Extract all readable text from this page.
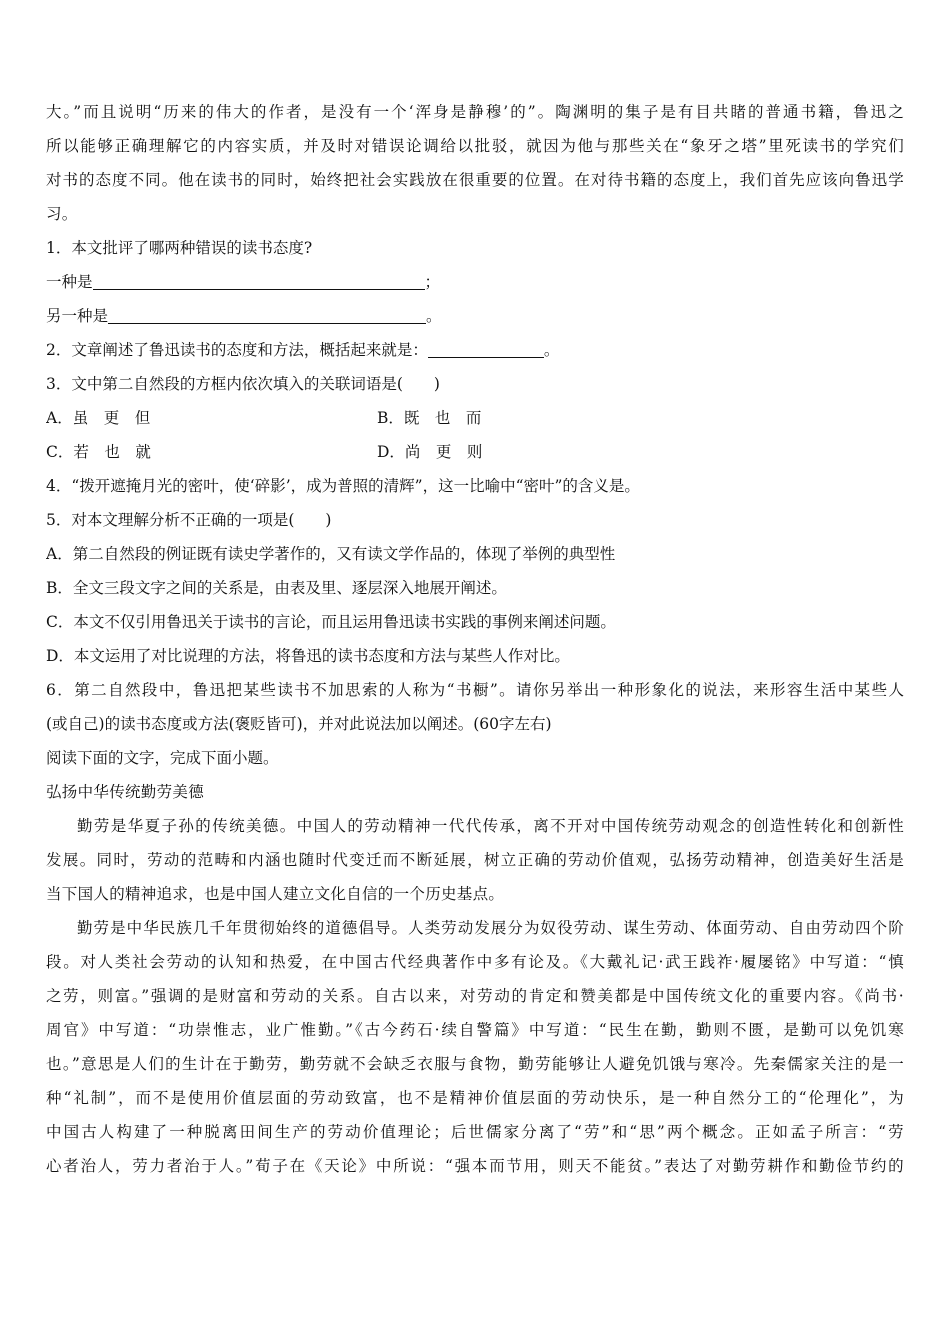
大。”而且说明“历来的伟大的作者，是没有一个‘浑身是静穆’的”。陶渊明的集子是有目共睹的普通书籍，鲁迅之
所以能够正确理解它的内容实质，并及时对错误论调给以批驳，就因为他与那些关在“象牙之塔”里死读书的学究们
对书的态度不同。他在读书的同时，始终把社会实践放在很重要的位置。在对待书籍的态度上，我们首先应该向鲁迅学
习。
1．本文批评了哪两种错误的读书态度?
一种是	；
另一种是	。
2．文章阐述了鲁迅读书的态度和方法，概括起来就是：	。
3．文中第二自然段的方框内依次填入的关联词语是(　　)
A．虽　更　但	B．既　也　而
C．若　也　就	D．尚　更　则
4．“拨开遮掩月光的密叶，使‘碎影’，成为普照的清辉”，这一比喻中“密叶”的含义是。
5．对本文理解分析不正确的一项是(　　)
A．第二自然段的例证既有读史学著作的，又有读文学作品的，体现了举例的典型性
B．全文三段文字之间的关系是，由表及里、逐层深入地展开阐述。
C．本文不仅引用鲁迅关于读书的言论，而且运用鲁迅读书实践的事例来阐述问题。
D．本文运用了对比说理的方法，将鲁迅的读书态度和方法与某些人作对比。
6．第二自然段中，鲁迅把某些读书不加思索的人称为“书橱”。请你另举出一种形象化的说法，来形容生活中某些人
(或自己)的读书态度或方法(褒贬皆可)，并对此说法加以阐述。(60字左右)
阅读下面的文字，完成下面小题。
弘扬中华传统勤劳美德
勤劳是华夏子孙的传统美德。中国人的劳动精神一代代传承，离不开对中国传统劳动观念的创造性转化和创新性
发展。同时，劳动的范畴和内涵也随时代变迁而不断延展，树立正确的劳动价值观，弘扬劳动精神，创造美好生活是
当下国人的精神追求，也是中国人建立文化自信的一个历史基点。
勤劳是中华民族几千年贯彻始终的道德倡导。人类劳动发展分为奴役劳动、谋生劳动、体面劳动、自由劳动四个阶
段。对人类社会劳动的认知和热爱，在中国古代经典著作中多有论及。《大戴礼记·武王践祚·履屡铭》中写道：“慎
之劳，则富。”强调的是财富和劳动的关系。自古以来，对劳动的肯定和赞美都是中国传统文化的重要内容。《尚书·
周官》中写道：“功崇惟志，业广惟勤。”《古今药石·续自警篇》中写道：“民生在勤，勤则不匮，是勤可以免饥寒
也。”意思是人们的生计在于勤劳，勤劳就不会缺乏衣服与食物，勤劳能够让人避免饥饿与寒冷。先秦儒家关注的是一
种“礼制”，而不是使用价值层面的劳动致富，也不是精神价值层面的劳动快乐，是一种自然分工的“伦理化”，为
中国古人构建了一种脱离田间生产的劳动价值理论；后世儒家分离了“劳”和“思”两个概念。正如孟子所言：“劳
心者治人，劳力者治于人。”荀子在《天论》中所说：“强本而节用，则天不能贫。”表达了对勤劳耕作和勤俭节约的
